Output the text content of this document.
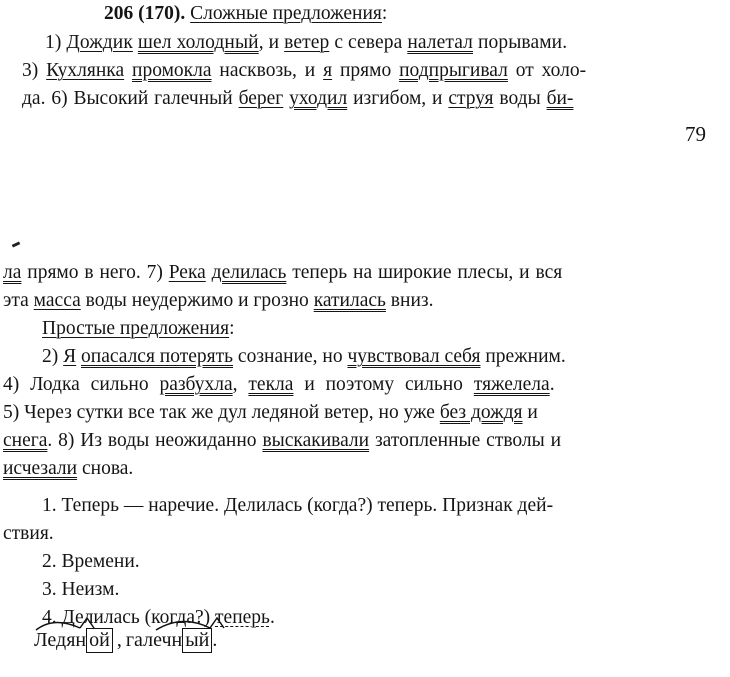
206 (170). Сложные предложения:
1) Дождик шел холодный, и ветер с севера налетал порывами.
3) Кухлянка промокла насквозь, и я прямо подпрыгивал от холо-
да. 6) Высокий галечный берег уходил изгибом, и струя воды би-
79
ла прямо в него. 7) Река делилась теперь на широкие плесы, и вся
эта масса воды неудержимо и грозно катилась вниз.
Простые предложения:
2) Я опасался потерять сознание, но чувствовал себя прежним.
4) Лодка сильно разбухла, текла и поэтому сильно тяжелела.
5) Через сутки все так же дул ледяной ветер, но уже без дождя и
снега. 8) Из воды неожиданно выскакивали затопленные стволы и
исчезали снова.
1. Теперь — наречие. Делилась (когда?) теперь. Признак дей-
ствия.
2. Времени.
3. Неизм.
4. Делилась (когда?) теперь.
Ледян ой , галечн ый .
